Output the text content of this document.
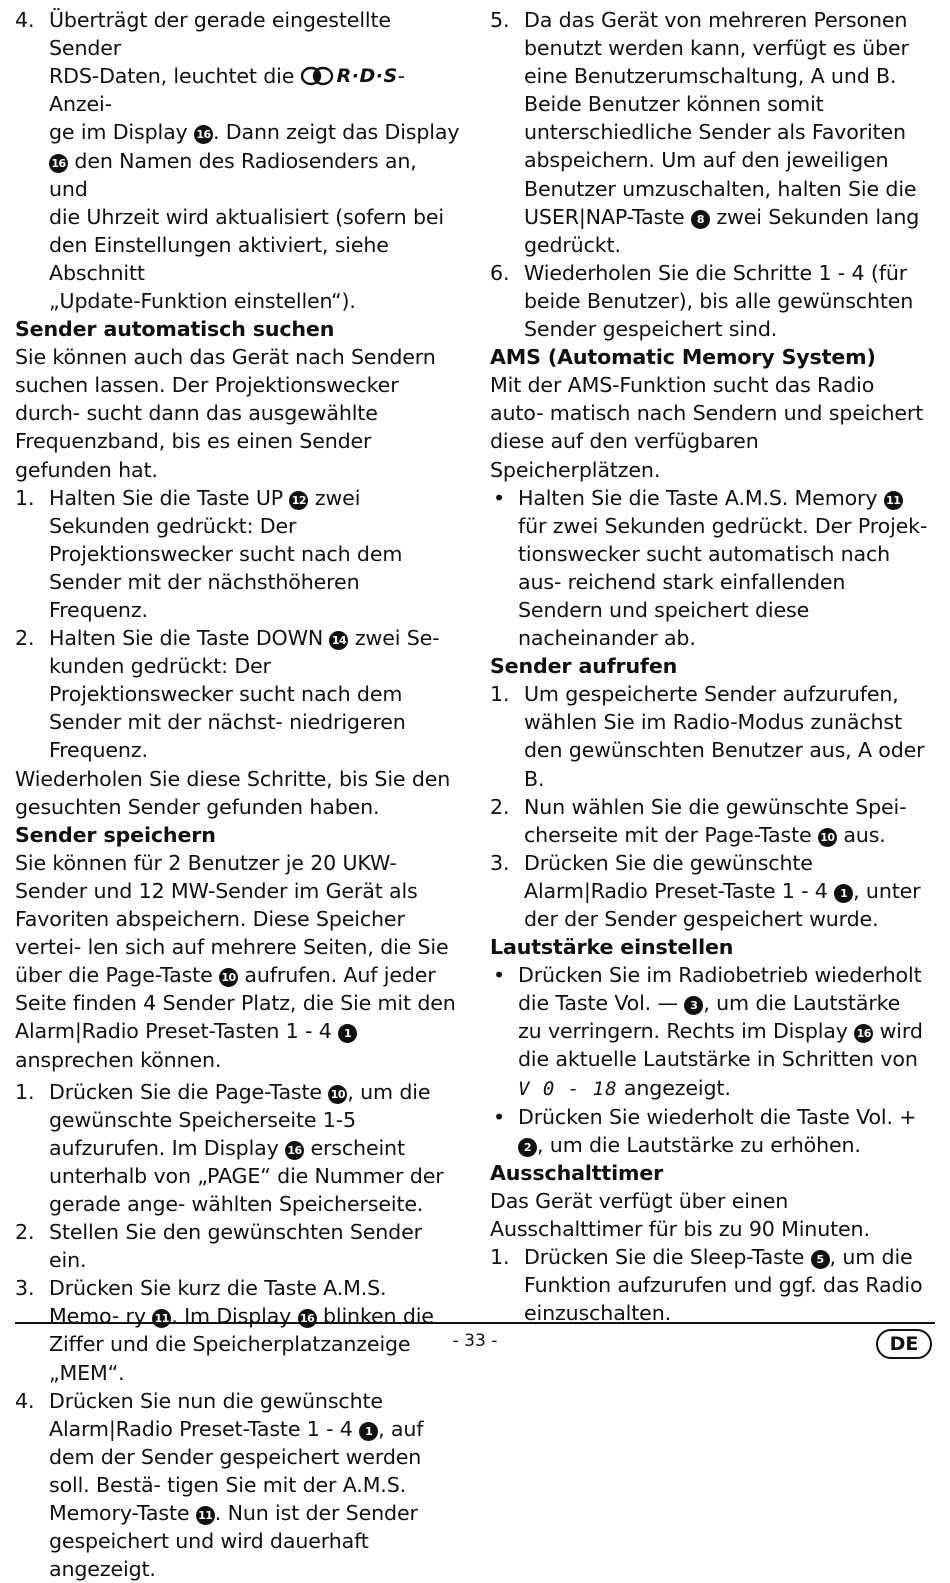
4. Überträgt der gerade eingestellte Sender
RDS-Daten, leuchtet die R·D·S -Anzei-
ge im Display 16 . Dann zeigt das Display
16 den Namen des Radiosenders an, und
die Uhrzeit wird aktualisiert (sofern bei
den Einstellungen aktiviert, siehe Abschnitt
„Update-Funktion einstellen“).

Sender automatisch suchen

Sie können auch das Gerät nach Sendern suchen lassen. Der Projektionswecker durch- sucht dann das ausgewählte Frequenzband, bis es einen Sender gefunden hat.

1. Halten Sie die Taste UP 12 zwei Sekunden gedrückt: Der Projektionswecker sucht nach dem Sender mit der nächsthöheren Frequenz.
2. Halten Sie die Taste DOWN 14 zwei Se- kunden gedrückt: Der Projektionswecker sucht nach dem Sender mit der nächst- niedrigeren Frequenz.

Wiederholen Sie diese Schritte, bis Sie den gesuchten Sender gefunden haben.

Sender speichern

Sie können für 2 Benutzer je 20 UKW- Sender und 12 MW-Sender im Gerät als Favoriten abspeichern. Diese Speicher vertei- len sich auf mehrere Seiten, die Sie über die Page-Taste 10 aufrufen. Auf jeder Seite finden 4 Sender Platz, die Sie mit den Alarm|Radio Preset-Tasten 1 - 4 1 ansprechen können.

1. Drücken Sie die Page-Taste 10 , um die gewünschte Speicherseite 1-5 aufzurufen. Im Display 16 erscheint unterhalb von „PAGE“ die Nummer der gerade ange- wählten Speicherseite.
2. Stellen Sie den gewünschten Sender ein.
3. Drücken Sie kurz die Taste A.M.S. Memo- ry 11 . Im Display 16 blinken die Ziffer und die Speicherplatzanzeige „MEM“.
4. Drücken Sie nun die gewünschte Alarm|Radio Preset-Taste 1 - 4 1 , auf dem der Sender gespeichert werden soll. Bestä- tigen Sie mit der A.M.S. Memory-Taste 11 . Nun ist der Sender gespeichert und wird dauerhaft angezeigt.
5. Da das Gerät von mehreren Personen benutzt werden kann, verfügt es über eine Benutzerumschaltung, A und B. Beide Benutzer können somit unterschiedliche Sender als Favoriten abspeichern. Um auf den jeweiligen Benutzer umzuschalten, halten Sie die USER|NAP-Taste 8 zwei Sekunden lang gedrückt.
6. Wiederholen Sie die Schritte 1 - 4 (für beide Benutzer), bis alle gewünschten Sender gespeichert sind.

AMS (Automatic Memory System)

Mit der AMS-Funktion sucht das Radio auto- matisch nach Sendern und speichert diese auf den verfügbaren Speicherplätzen.

• Halten Sie die Taste A.M.S. Memory 11 für zwei Sekunden gedrückt. Der Projek- tionswecker sucht automatisch nach aus- reichend stark einfallenden Sendern und speichert diese nacheinander ab.

Sender aufrufen

1. Um gespeicherte Sender aufzurufen, wählen Sie im Radio-Modus zunächst den gewünschten Benutzer aus, A oder B.
2. Nun wählen Sie die gewünschte Spei- cherseite mit der Page-Taste 10 aus.
3. Drücken Sie die gewünschte Alarm|Radio Preset-Taste 1 - 4 1 , unter der der Sender gespeichert wurde.

Lautstärke einstellen

• Drücken Sie im Radiobetrieb wiederholt die Taste Vol. — 3 , um die Lautstärke zu verringern. Rechts im Display 16 wird die aktuelle Lautstärke in Schritten von V 0 - 18 angezeigt.
• Drücken Sie wiederholt die Taste Vol. + 2 , um die Lautstärke zu erhöhen.

Ausschalttimer

Das Gerät verfügt über einen Ausschalttimer für bis zu 90 Minuten.

1. Drücken Sie die Sleep-Taste 5 , um die Funktion aufzurufen und ggf. das Radio einzuschalten.
- 33 -	DE
